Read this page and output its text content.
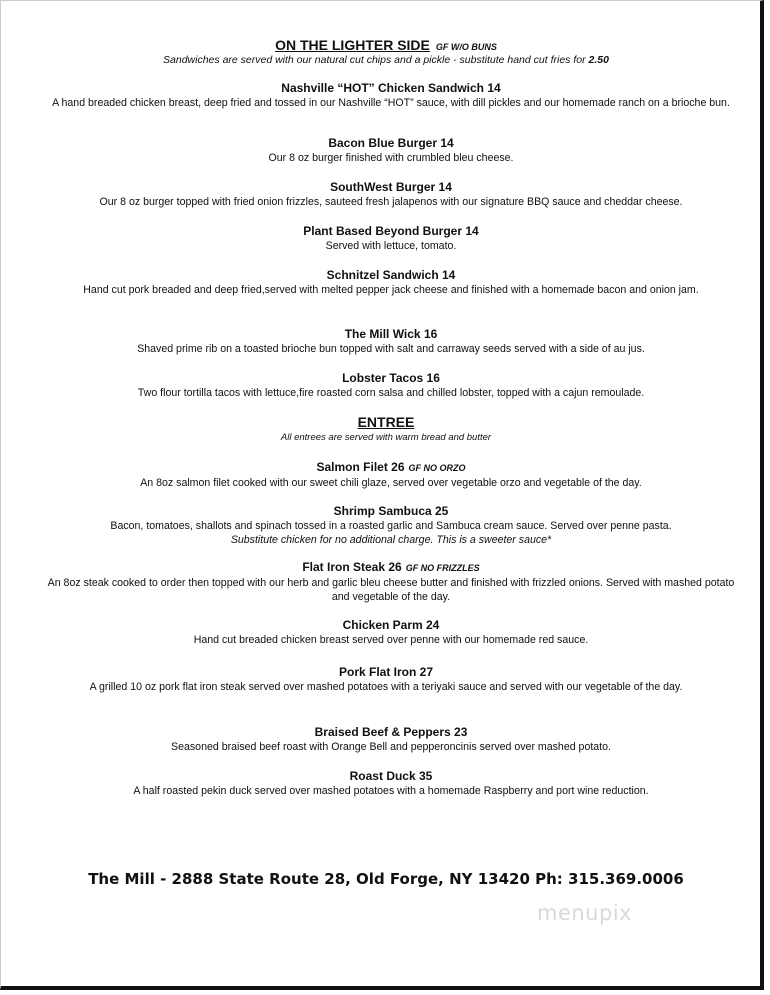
ON THE LIGHTER SIDE GF W/O BUNS
Sandwiches are served with our natural cut chips and a pickle - substitute hand cut fries for 2.50
Nashville “HOT” Chicken Sandwich 14
A hand breaded chicken breast, deep fried and tossed in our Nashville “HOT” sauce, with dill pickles and our homemade ranch on a brioche bun.
Bacon Blue Burger 14
Our 8 oz burger finished with crumbled bleu cheese.
SouthWest Burger 14
Our 8 oz burger topped with fried onion frizzles, sauteed fresh jalapenos with our signature BBQ sauce and cheddar cheese.
Plant Based Beyond Burger 14
Served with lettuce, tomato.
Schnitzel Sandwich 14
Hand cut pork breaded and deep fried,served with melted pepper jack cheese and finished with a homemade bacon and onion jam.
The Mill Wick 16
Shaved prime rib on a toasted brioche bun topped with salt and carraway seeds served with a side of au jus.
Lobster Tacos 16
Two flour tortilla tacos with lettuce,fire roasted corn salsa and chilled lobster, topped with a cajun remoulade.
ENTREE
All entrees are served with warm bread and butter
Salmon Filet 26 GF NO ORZO
An 8oz salmon filet cooked with our sweet chili glaze, served over vegetable orzo and vegetable of the day.
Shrimp Sambuca 25
Bacon, tomatoes, shallots and spinach tossed in a roasted garlic and Sambuca cream sauce. Served over penne pasta.
Substitute chicken for no additional charge. This is a sweeter sauce*
Flat Iron Steak 26 GF NO FRIZZLES
An 8oz steak cooked to order then topped with our herb and garlic bleu cheese butter and finished with frizzled onions. Served with mashed potato and vegetable of the day.
Chicken Parm 24
Hand cut breaded chicken breast served over penne with our homemade red sauce.
Pork Flat Iron 27
A grilled 10 oz pork flat iron steak served over mashed potatoes with a teriyaki sauce and served with our vegetable of the day.
Braised Beef & Peppers 23
Seasoned braised beef roast with Orange Bell and pepperoncinis served over mashed potato.
Roast Duck 35
A half roasted pekin duck served over mashed potatoes with a homemade Raspberry and port wine reduction.
The Mill - 2888 State Route 28, Old Forge, NY 13420 Ph: 315.369.0006
menupix
